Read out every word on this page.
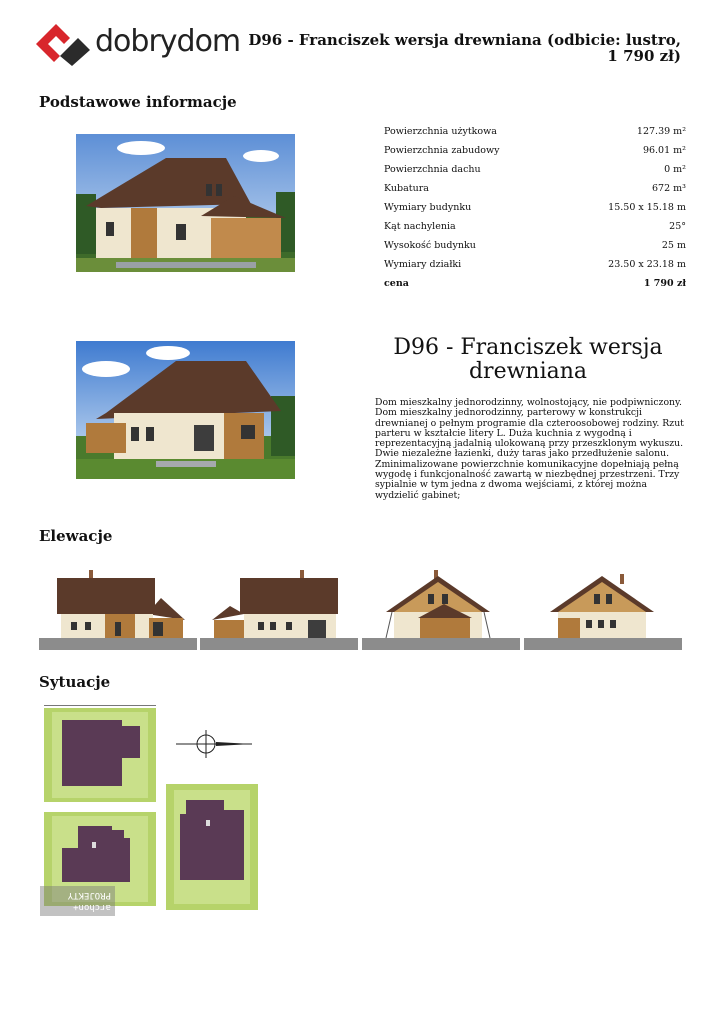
dobrydom D96 - Franciszek wersja drewniana (odbicie: lustro, 1 790 zł)
Podstawowe informacje
Powierzchnia użytkowa	127.39 m²
Powierzchnia zabudowy	96.01 m²
Powierzchnia dachu	0 m²
Kubatura	672 m³
Wymiary budynku	15.50 x 15.18 m
Kąt nachylenia	25°
Wysokość budynku	25 m
Wymiary działki	23.50 x 23.18 m
cena	1 790 zł
D96 - Franciszek wersja drewniana
Dom mieszkalny jednorodzinny, wolnostojący, nie podpiwniczony. Dom mieszkalny jednorodzinny, parterowy w konstrukcji drewnianej o pełnym programie dla czteroosobowej rodziny. Rzut parteru w kształcie litery L. Duża kuchnia z wygodną i reprezentacyjną jadalnią ulokowaną przy przeszklonym wykuszu. Dwie niezależne łazienki, duży taras jako przedłużenie salonu. Zminimalizowane powierzchnie komunikacyjne dopełniają pełną wygodę i funkcjonalność zawartą w niezbędnej przestrzeni. Trzy sypialnie w tym jedna z dwoma wejściami, z której można wydzielić gabinet;
Elewacje
Sytuacje
archon+ PROJEKTY
